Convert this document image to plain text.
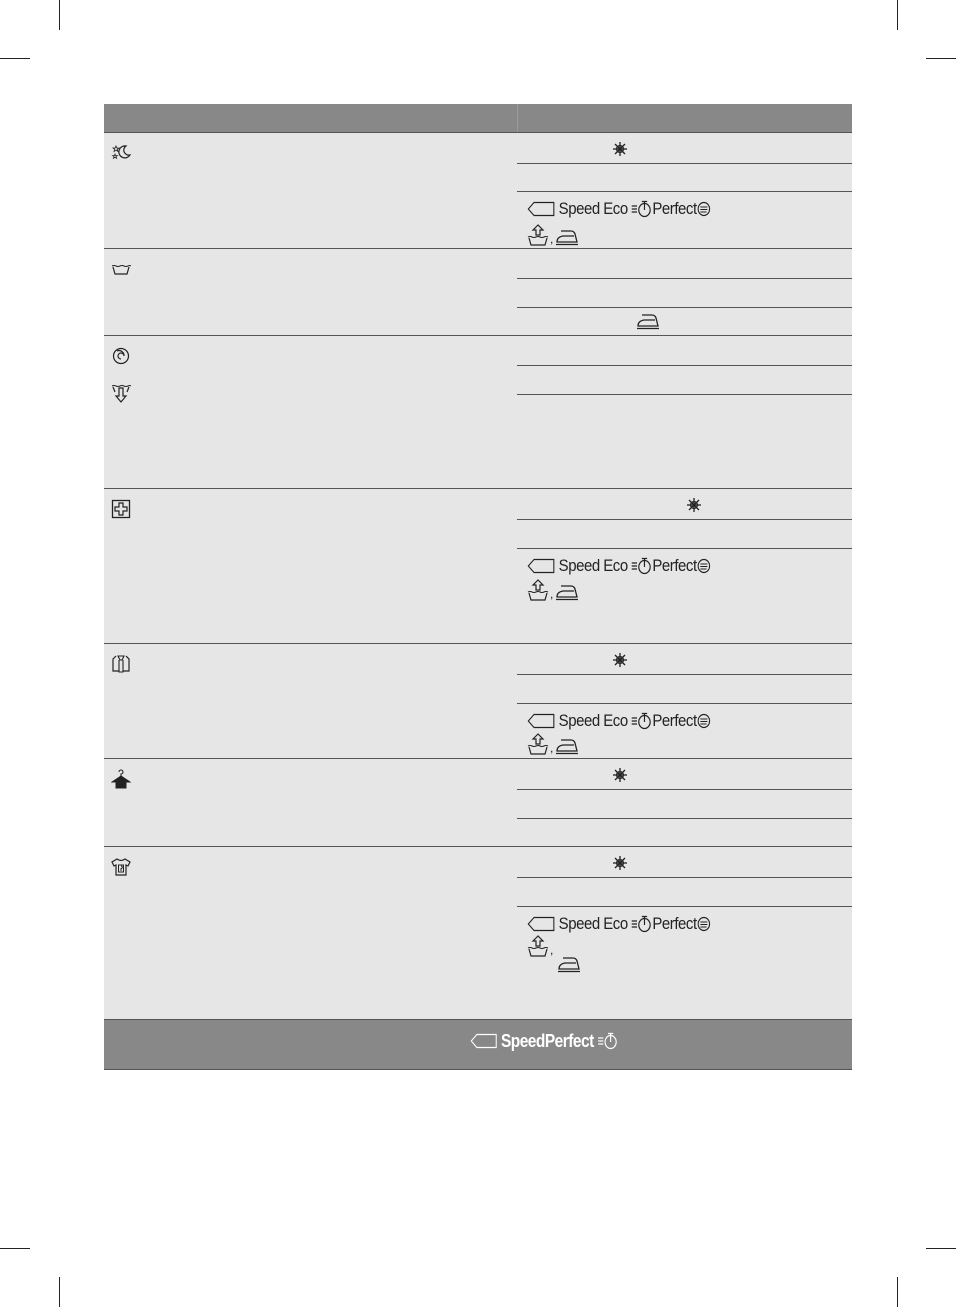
Speed Eco Perfect
,
Speed Eco Perfect
,
Speed Eco Perfect
,
Speed Eco Perfect
,
SpeedPerfect
